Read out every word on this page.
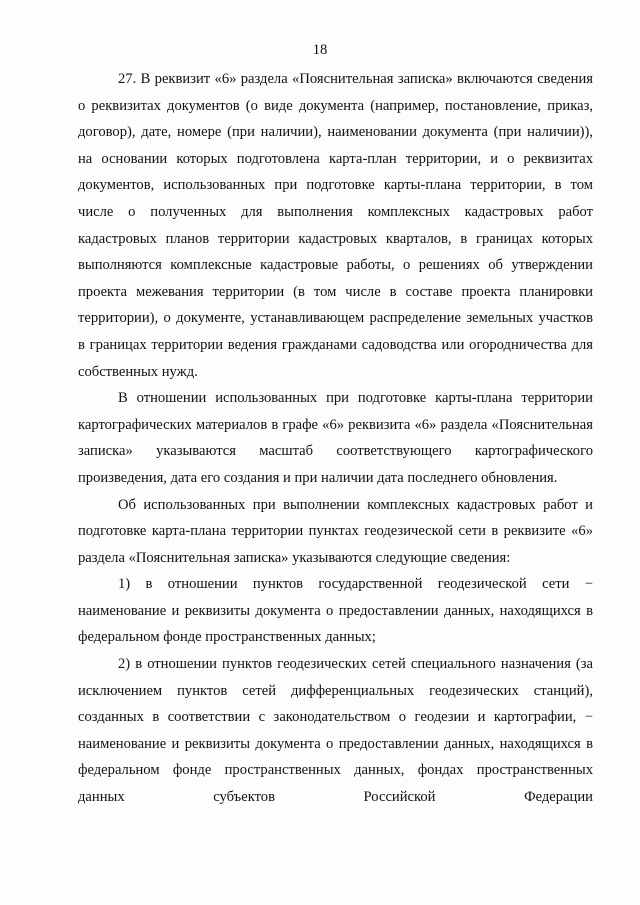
18

27. В реквизит «6» раздела «Пояснительная записка» включаются сведения о реквизитах документов (о виде документа (например, постановление, приказ, договор), дате, номере (при наличии), наименовании документа (при наличии)), на основании которых подготовлена карта-план территории, и о реквизитах документов, использованных при подготовке карты-плана территории, в том числе о полученных для выполнения комплексных кадастровых работ кадастровых планов территории кадастровых кварталов, в границах которых выполняются комплексные кадастровые работы, о решениях об утверждении проекта межевания территории (в том числе в составе проекта планировки территории), о документе, устанавливающем распределение земельных участков в границах территории ведения гражданами садоводства или огородничества для собственных нужд.

В отношении использованных при подготовке карты-плана территории картографических материалов в графе «6» реквизита «6» раздела «Пояснительная записка» указываются масштаб соответствующего картографического произведения, дата его создания и при наличии дата последнего обновления.

Об использованных при выполнении комплексных кадастровых работ и подготовке карта-плана территории пунктах геодезической сети в реквизите «6» раздела «Пояснительная записка» указываются следующие сведения:

1) в отношении пунктов государственной геодезической сети − наименование и реквизиты документа о предоставлении данных, находящихся в федеральном фонде пространственных данных;

2) в отношении пунктов геодезических сетей специального назначения (за исключением пунктов сетей дифференциальных геодезических станций), созданных в соответствии с законодательством о геодезии и картографии, − наименование и реквизиты документа о предоставлении данных, находящихся в федеральном фонде пространственных данных, фондах пространственных данных субъектов Российской Федерации
